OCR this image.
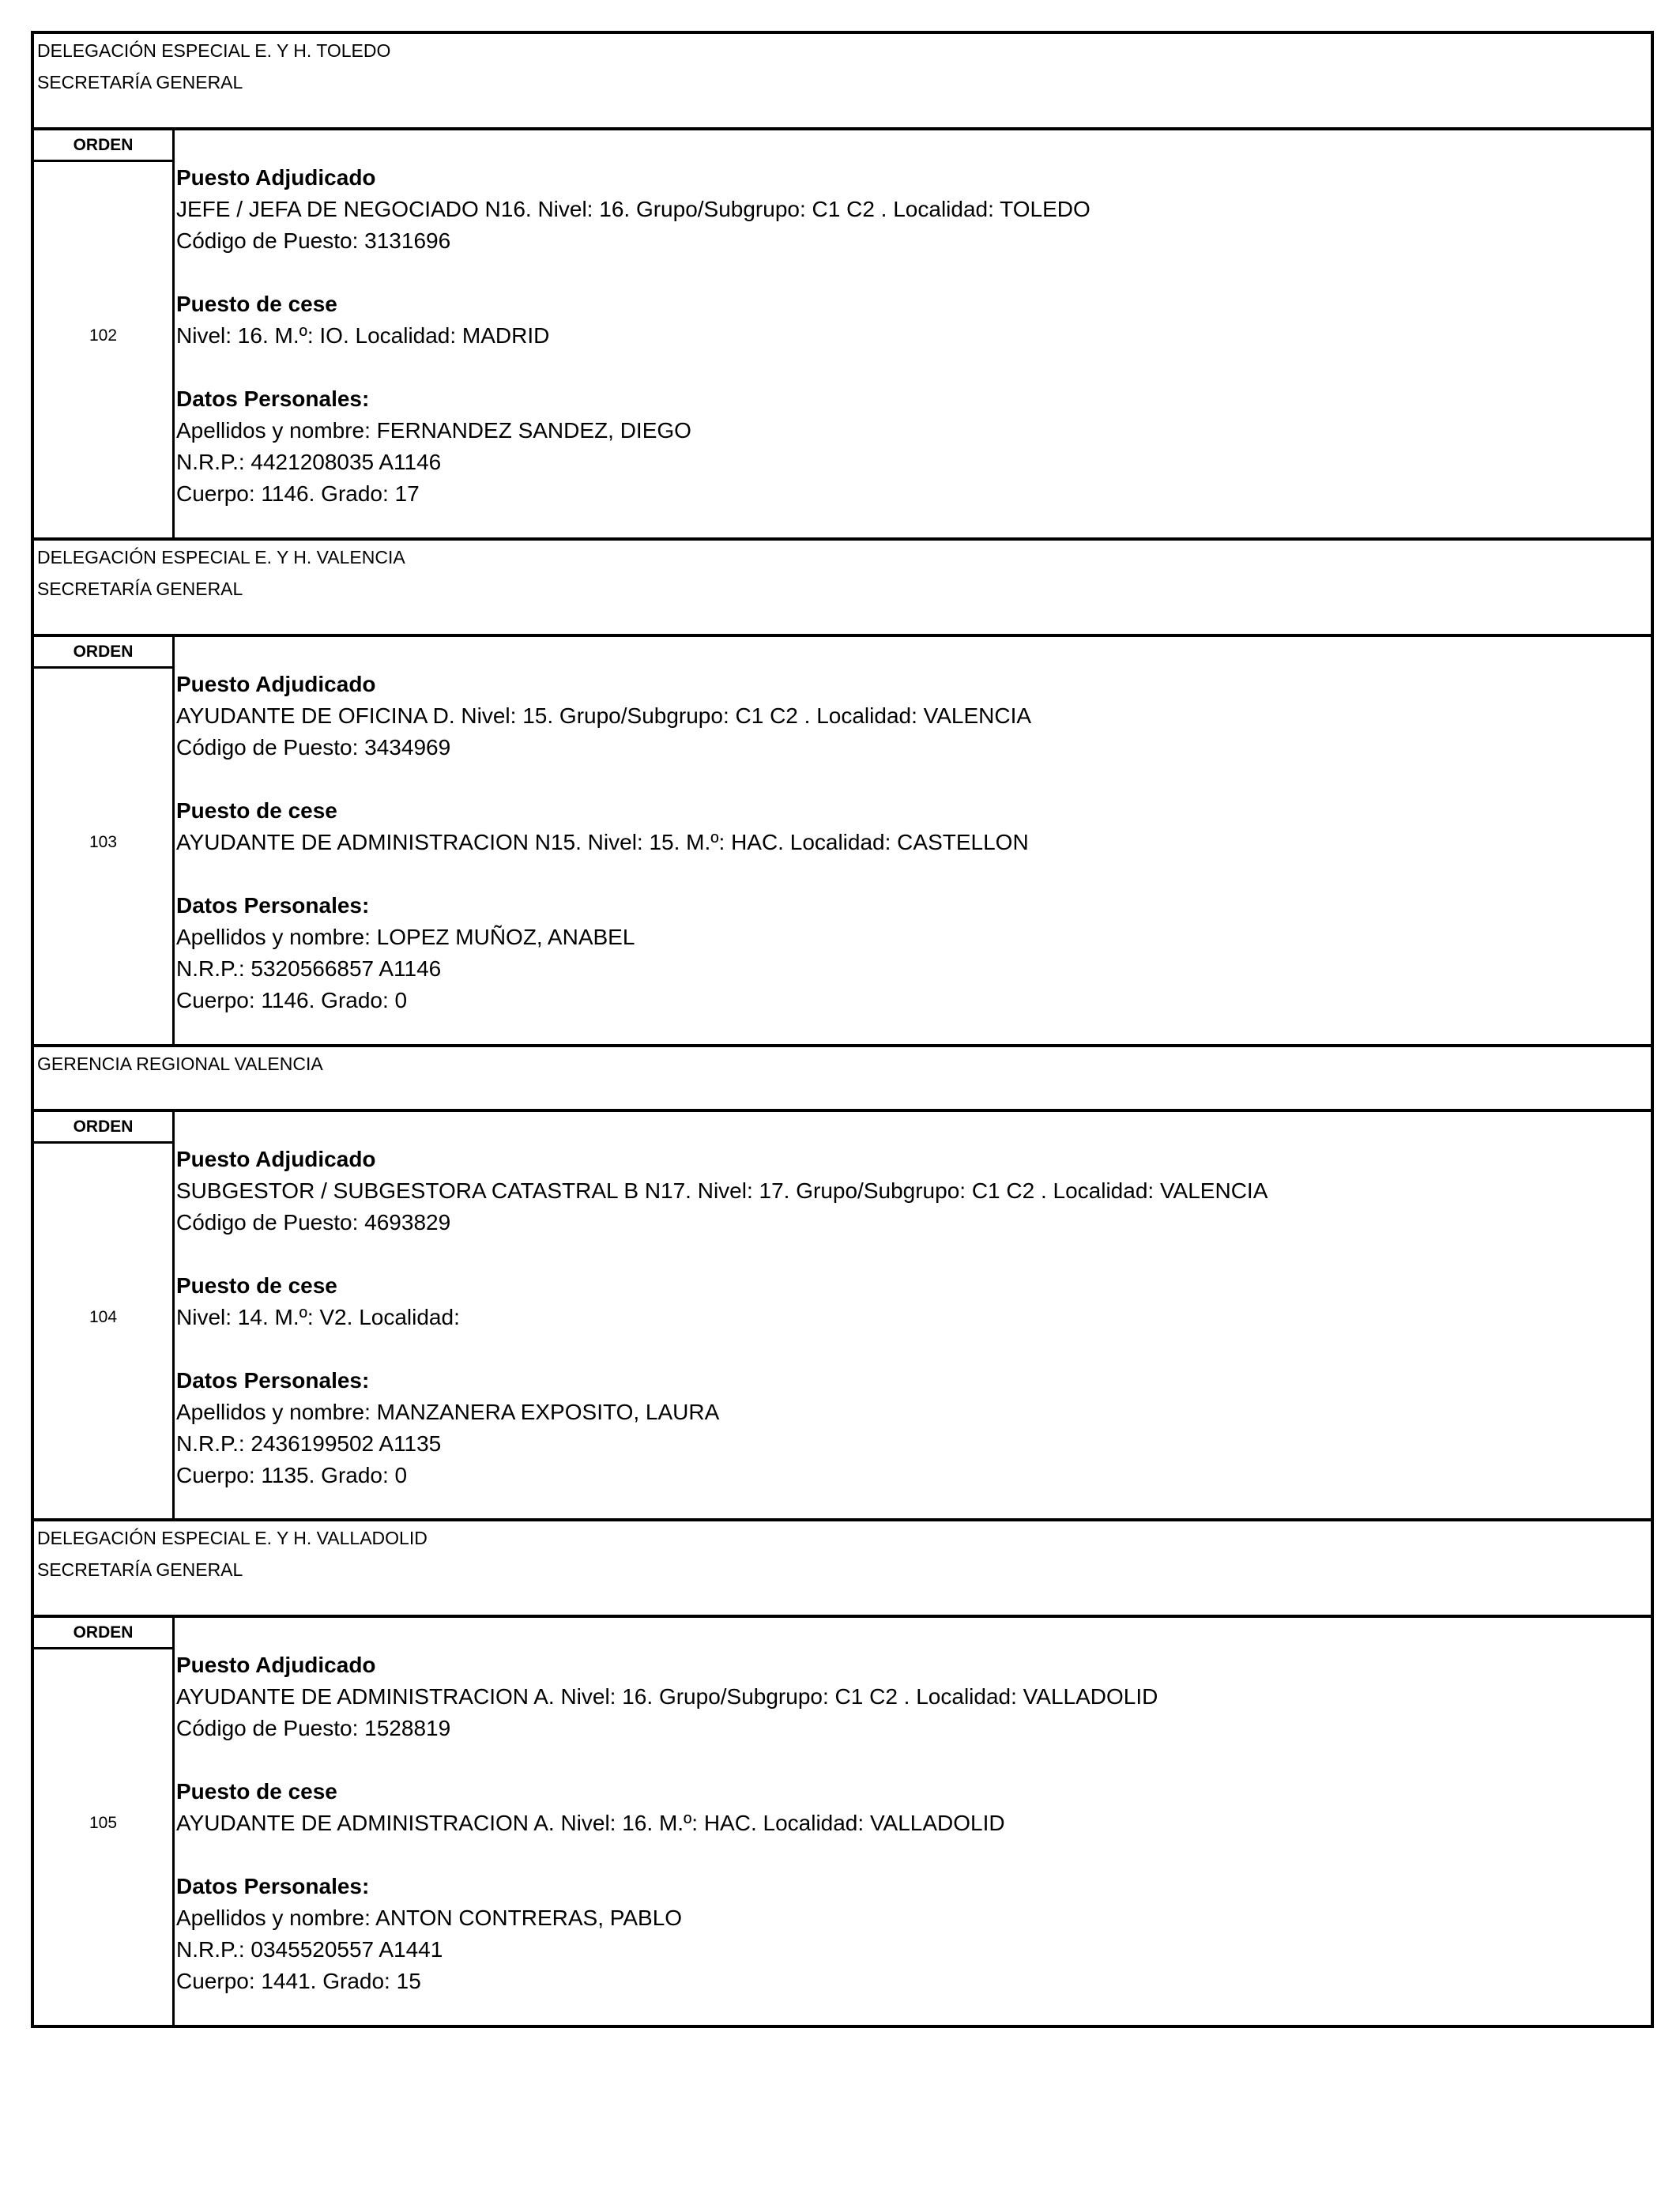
DELEGACIÓN ESPECIAL E. Y H. TOLEDO
SECRETARÍA GENERAL
ORDEN
102
Puesto Adjudicado
JEFE / JEFA DE NEGOCIADO N16. Nivel: 16. Grupo/Subgrupo: C1 C2 . Localidad: TOLEDO
Código de Puesto: 3131696
Puesto de cese
Nivel: 16. M.º: IO. Localidad: MADRID
Datos Personales:
Apellidos y nombre: FERNANDEZ SANDEZ, DIEGO
N.R.P.: 4421208035 A1146
Cuerpo: 1146. Grado: 17
DELEGACIÓN ESPECIAL E. Y H. VALENCIA
SECRETARÍA GENERAL
ORDEN
103
Puesto Adjudicado
AYUDANTE DE OFICINA D. Nivel: 15. Grupo/Subgrupo: C1 C2 . Localidad: VALENCIA
Código de Puesto: 3434969
Puesto de cese
AYUDANTE DE ADMINISTRACION N15. Nivel: 15. M.º: HAC. Localidad: CASTELLON
Datos Personales:
Apellidos y nombre: LOPEZ MUÑOZ, ANABEL
N.R.P.: 5320566857 A1146
Cuerpo: 1146. Grado: 0
GERENCIA REGIONAL VALENCIA
ORDEN
104
Puesto Adjudicado
SUBGESTOR / SUBGESTORA CATASTRAL B N17. Nivel: 17. Grupo/Subgrupo: C1 C2 . Localidad: VALENCIA
Código de Puesto: 4693829
Puesto de cese
Nivel: 14. M.º: V2. Localidad:
Datos Personales:
Apellidos y nombre: MANZANERA EXPOSITO, LAURA
N.R.P.: 2436199502 A1135
Cuerpo: 1135. Grado: 0
DELEGACIÓN ESPECIAL E. Y H. VALLADOLID
SECRETARÍA GENERAL
ORDEN
105
Puesto Adjudicado
AYUDANTE DE ADMINISTRACION A. Nivel: 16. Grupo/Subgrupo: C1 C2 . Localidad: VALLADOLID
Código de Puesto: 1528819
Puesto de cese
AYUDANTE DE ADMINISTRACION A. Nivel: 16. M.º: HAC. Localidad: VALLADOLID
Datos Personales:
Apellidos y nombre: ANTON CONTRERAS, PABLO
N.R.P.: 0345520557 A1441
Cuerpo: 1441. Grado: 15
